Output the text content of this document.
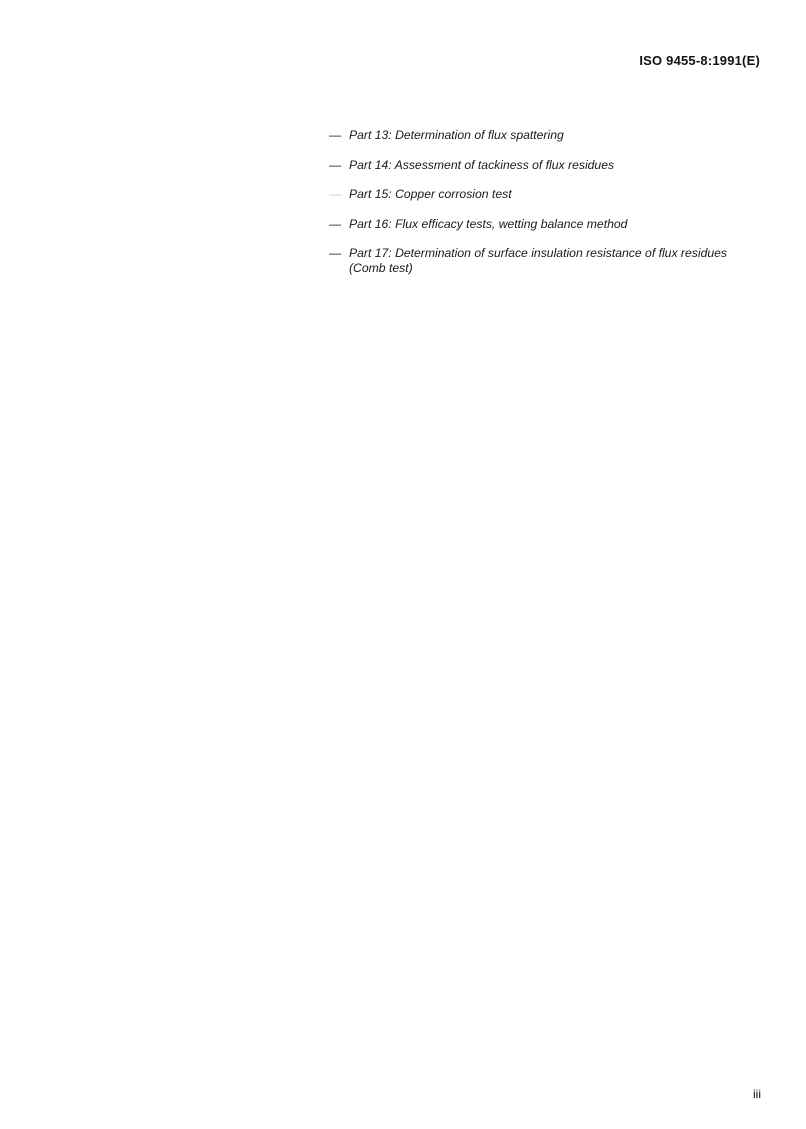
ISO 9455-8:1991(E)
— Part 13: Determination of flux spattering
— Part 14: Assessment of tackiness of flux residues
— Part 15: Copper corrosion test
— Part 16: Flux efficacy tests, wetting balance method
— Part 17: Determination of surface insulation resistance of flux residues (Comb test)
iii
